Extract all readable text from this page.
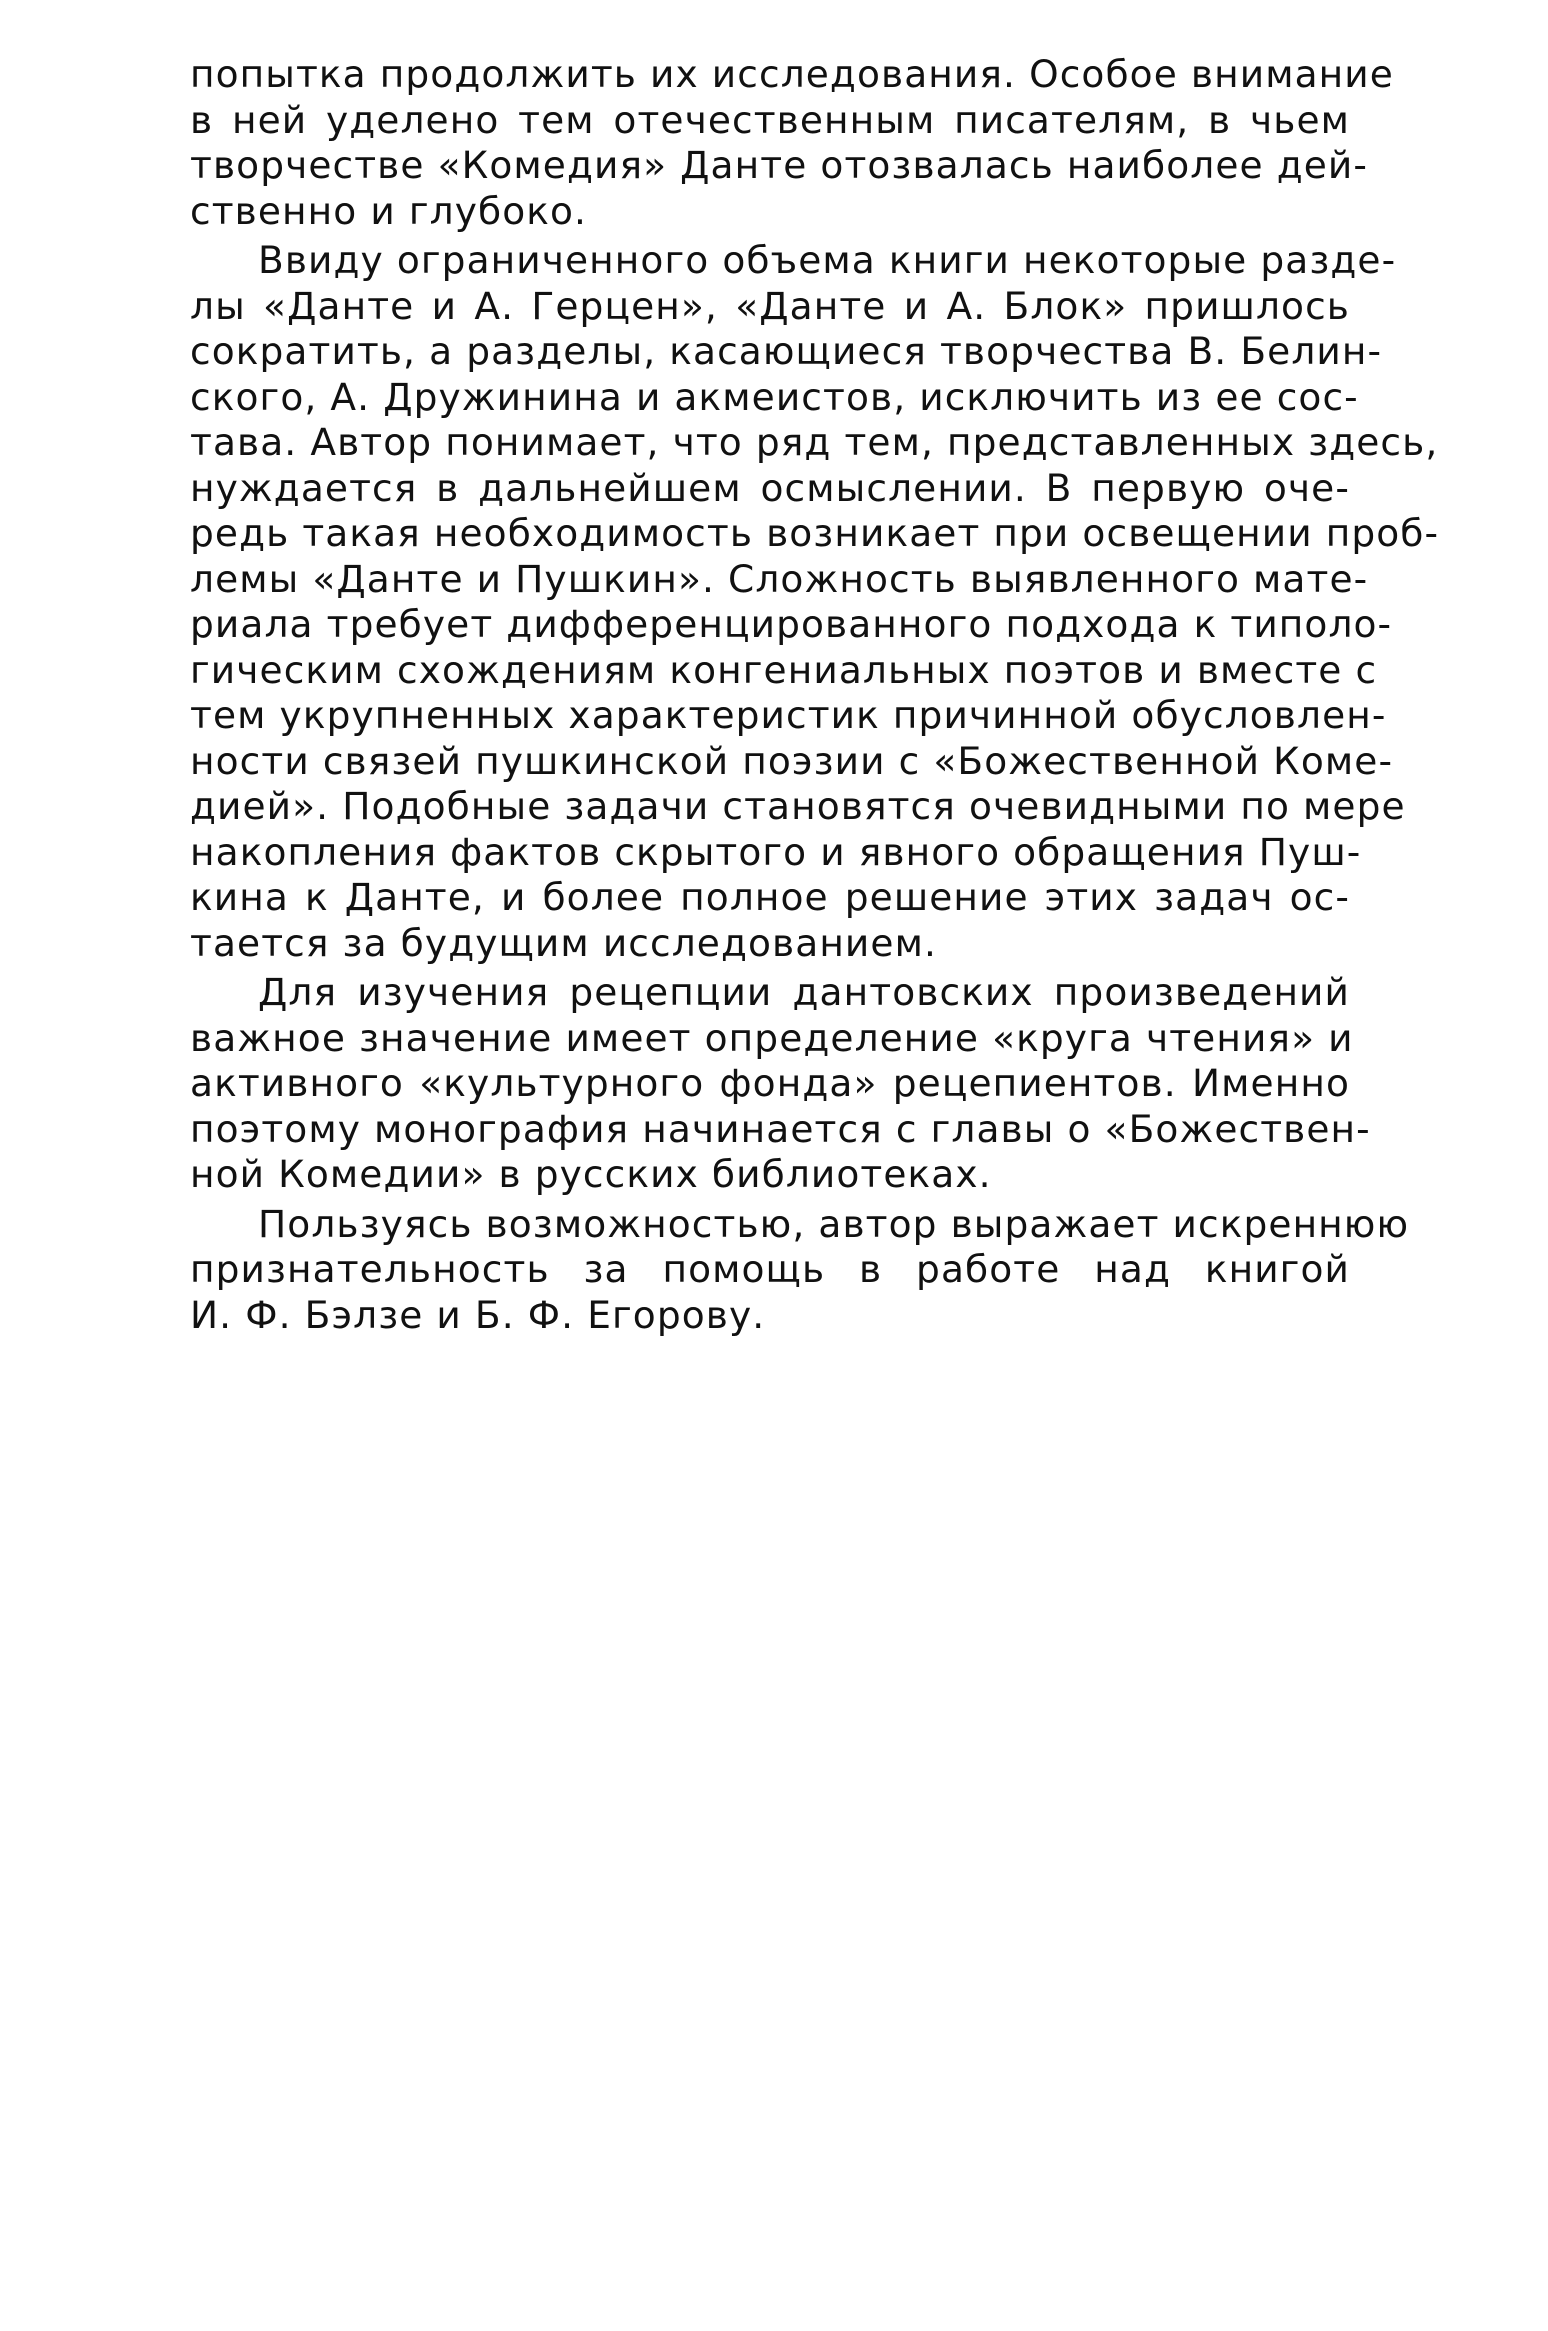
попытка продолжить их исследования. Особое внимание
в ней уделено тем отечественным писателям, в чьем
творчестве «Комедия» Данте отозвалась наиболее дей-
ственно и глубоко.
Ввиду ограниченного объема книги некоторые разде-
лы «Данте и А. Герцен», «Данте и А. Блок» пришлось
сократить, а разделы, касающиеся творчества В. Белин-
ского, А. Дружинина и акмеистов, исключить из ее сос-
тава. Автор понимает, что ряд тем, представленных здесь,
нуждается в дальнейшем осмыслении. В первую оче-
редь такая необходимость возникает при освещении проб-
лемы «Данте и Пушкин». Сложность выявленного мате-
риала требует дифференцированного подхода к типоло-
гическим схождениям конгениальных поэтов и вместе с
тем укрупненных характеристик причинной обусловлен-
ности связей пушкинской поэзии с «Божественной Коме-
дией». Подобные задачи становятся очевидными по мере
накопления фактов скрытого и явного обращения Пуш-
кина к Данте, и более полное решение этих задач ос-
тается за будущим исследованием.
Для изучения рецепции дантовских произведений
важное значение имеет определение «круга чтения» и
активного «культурного фонда» рецепиентов. Именно
поэтому монография начинается с главы о «Божествен-
ной Комедии» в русских библиотеках.
Пользуясь возможностью, автор выражает искреннюю
признательность за помощь в работе над книгой
И. Ф. Бэлзе и Б. Ф. Егорову.
